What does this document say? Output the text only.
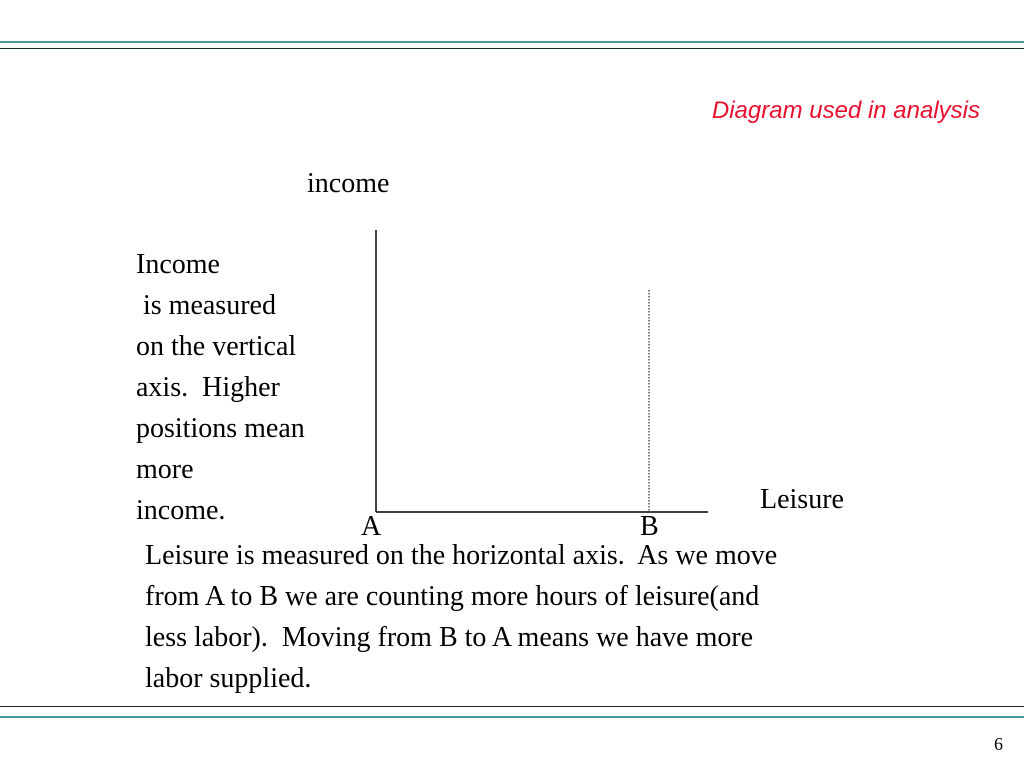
Diagram used in analysis
income
Leisure
A	B
Income
is measured
on the vertical
axis.  Higher
positions mean
more
income.
Leisure is measured on the horizontal axis.  As we move
from A to B we are counting more hours of leisure(and
less labor).  Moving from B to A means we have more
labor supplied.
6
